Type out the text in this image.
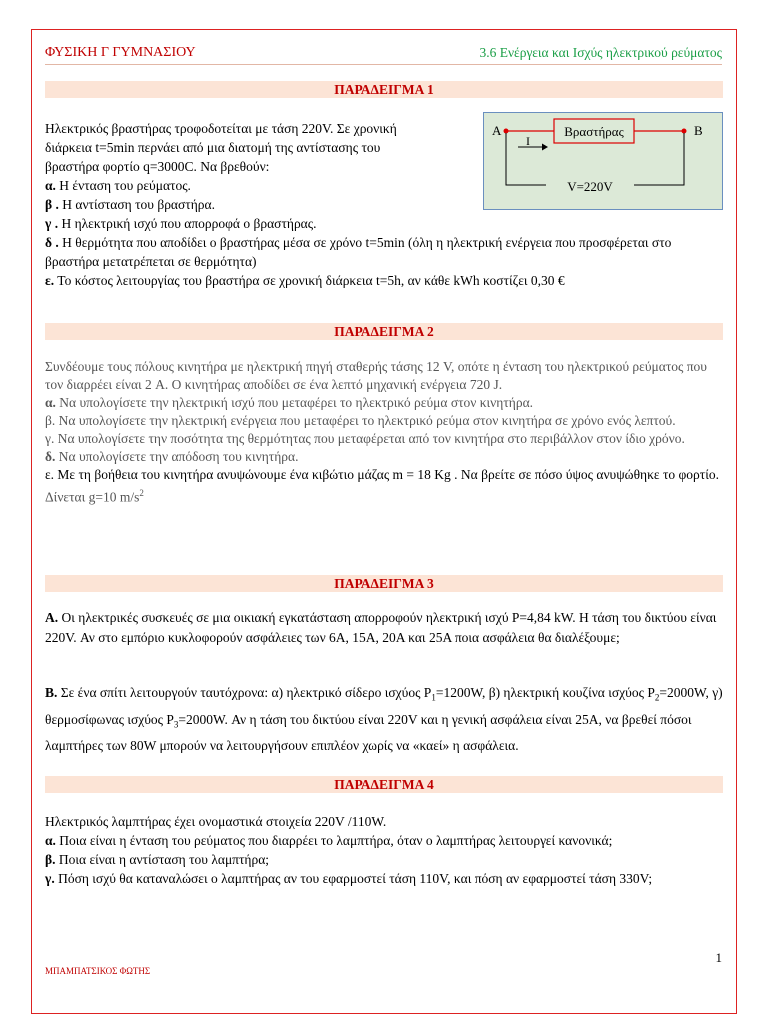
ΦΥΣΙΚΗ Γ ΓΥΜΝΑΣΙΟΥ	3.6 Ενέργεια και Ισχύς ηλεκτρικού ρεύματος
ΠΑΡΑΔΕΙΓΜΑ 1

Ηλεκτρικός βραστήρας τροφοδοτείται με τάση 220V. Σε χρονική

διάρκεια t=5min περνάει από μια διατομή της αντίστασης του

βραστήρα φορτίο q=3000C. Να βρεθούν:

α. Η ένταση του ρεύματος.

β . Η αντίσταση του βραστήρα.

γ . Η ηλεκτρική ισχύ που απορροφά ο βραστήρας.

δ . Η θερμότητα που αποδίδει ο βραστήρας μέσα σε χρόνο t=5min (όλη η ηλεκτρική ενέργεια που προσφέρεται στο βραστήρα μετατρέπεται σε θερμότητα)

ε. Το κόστος λειτουργίας του βραστήρα σε χρονική διάρκεια t=5h, αν κάθε kWh κοστίζει 0,30 €

A	B
Βραστήρας
I
V=220V
ΠΑΡΑΔΕΙΓΜΑ 2

Συνδέουμε τους πόλους κινητήρα με ηλεκτρική πηγή σταθερής τάσης 12 V, οπότε η ένταση του ηλεκτρικού ρεύματος που τον διαρρέει είναι 2 A. Ο κινητήρας αποδίδει σε ένα λεπτό μηχανική ενέργεια 720 J.

α. Να υπολογίσετε την ηλεκτρική ισχύ που μεταφέρει το ηλεκτρικό ρεύμα στον κινητήρα.

β. Να υπολογίσετε την ηλεκτρική ενέργεια που μεταφέρει το ηλεκτρικό ρεύμα στον κινητήρα σε χρόνο ενός λεπτού.

γ. Να υπολογίσετε την ποσότητα της θερμότητας που μεταφέρεται από τον κινητήρα στο περιβάλλον στον ίδιο χρόνο.

δ. Να υπολογίσετε την απόδοση του κινητήρα.

ε. Με τη βοήθεια του κινητήρα ανυψώνουμε ένα κιβώτιο μάζας m = 18 Kg . Να βρείτε σε πόσο ύψος ανυψώθηκε το φορτίο. Δίνεται g=10 $m/s^2$

ΠΑΡΑΔΕΙΓΜΑ 3

Α. Οι ηλεκτρικές συσκευές σε μια οικιακή εγκατάσταση απορροφούν ηλεκτρική ισχύ P=4,84 kW. Η τάση του δικτύου είναι 220V. Αν στο εμπόριο κυκλοφορούν ασφάλειες των 6A, 15A, 20A και 25A ποια ασφάλεια θα διαλέξουμε;

Β. Σε ένα σπίτι λειτουργούν ταυτόχρονα: α) ηλεκτρικό σίδερο ισχύος $P_1=1200W$, β) ηλεκτρική κουζίνα ισχύος $P_2=2000W$, γ) θερμοσίφωνας ισχύος $P_3=2000W$. Αν η τάση του δικτύου είναι 220V και η γενική ασφάλεια είναι 25A, να βρεθεί πόσοι λαμπτήρες των 80W μπορούν να λειτουργήσουν επιπλέον χωρίς να «καεί» η ασφάλεια.

ΠΑΡΑΔΕΙΓΜΑ 4

Ηλεκτρικός λαμπτήρας έχει ονομαστικά στοιχεία 220V /110W.

α. Ποια είναι η ένταση του ρεύματος που διαρρέει το λαμπτήρα, όταν ο λαμπτήρας λειτουργεί κανονικά;

β. Ποια είναι η αντίσταση του λαμπτήρα;

γ. Πόση ισχύ θα καταναλώσει ο λαμπτήρας αν του εφαρμοστεί τάση 110V, και πόση αν εφαρμοστεί τάση 330V;

1
ΜΠΑΜΠΑΤΣΙΚΟΣ ΦΩΤΗΣ
